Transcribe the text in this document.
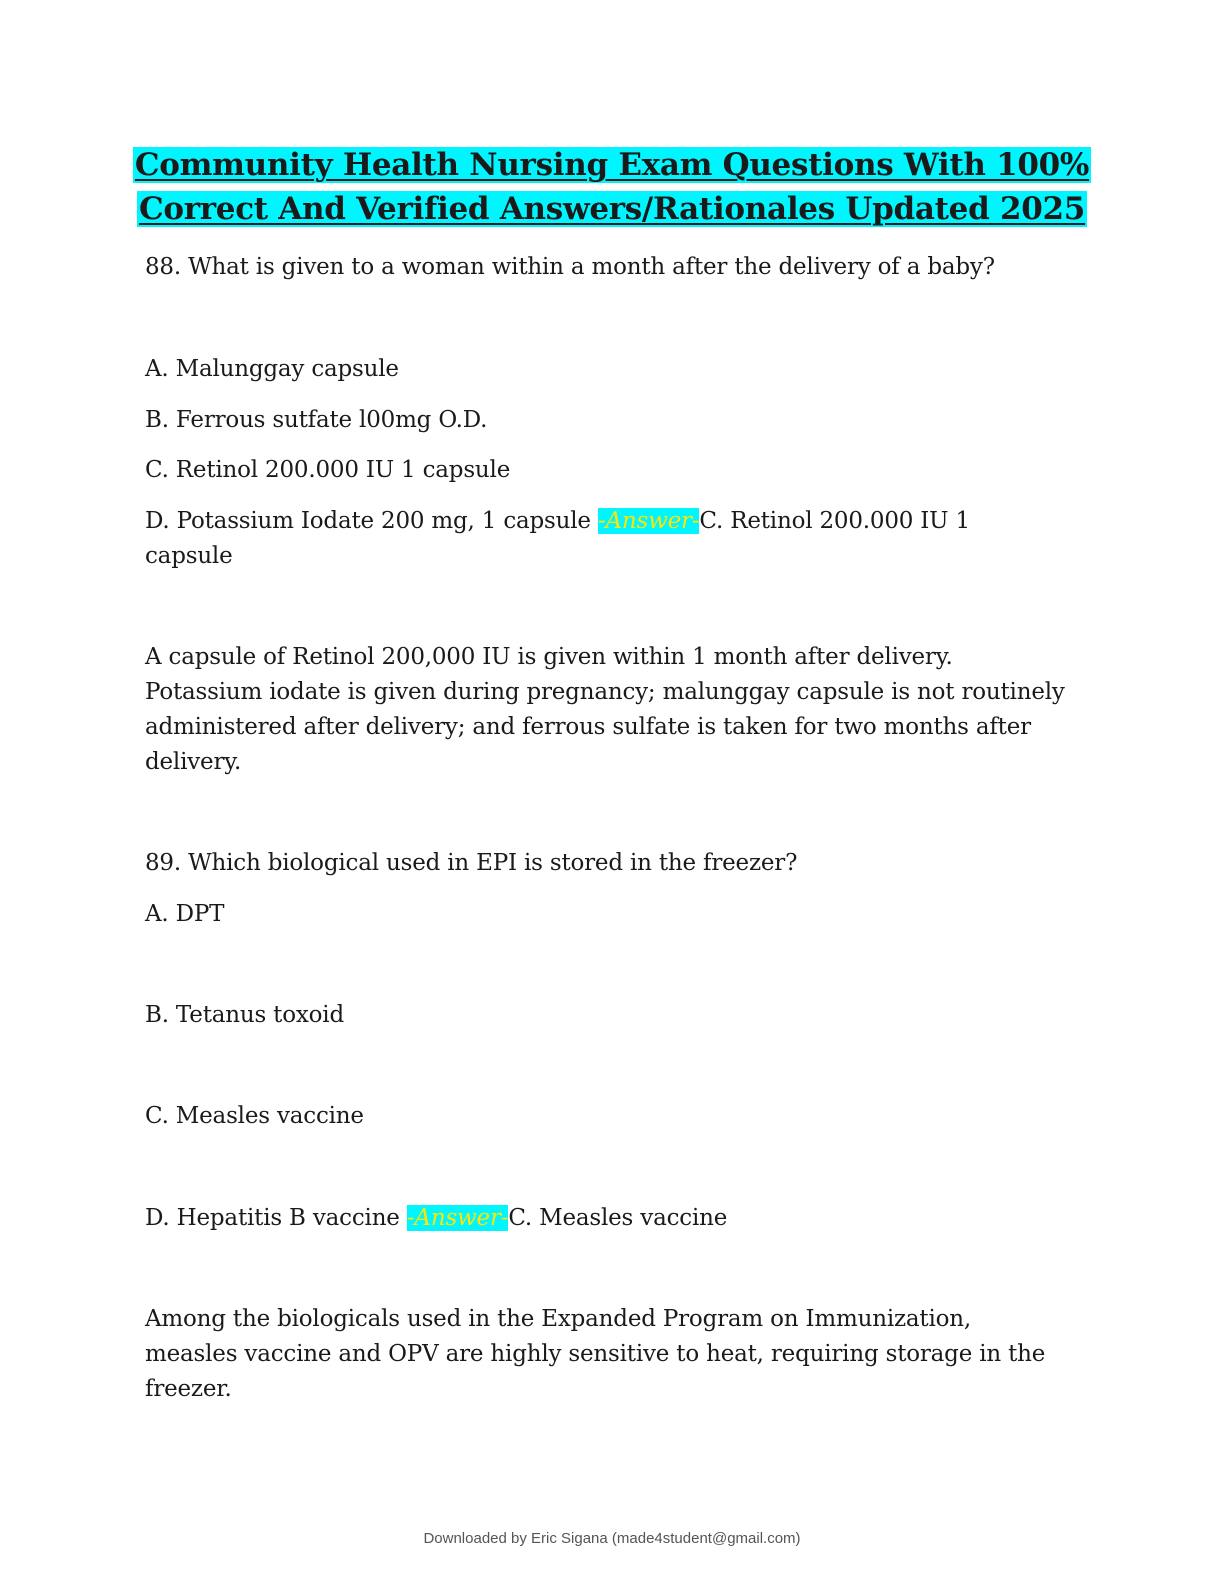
Community Health Nursing Exam Questions With 100%
Correct And Verified Answers/Rationales Updated 2025
88. What is given to a woman within a month after the delivery of a baby?
A. Malunggay capsule
B. Ferrous sutfate l00mg O.D.
C. Retinol 200.000 IU 1 capsule
D. Potassium Iodate 200 mg, 1 capsule -Answer-C. Retinol 200.000 IU 1
capsule
A capsule of Retinol 200,000 IU is given within 1 month after delivery. Potassium iodate is given during pregnancy; malunggay capsule is not routinely administered after delivery; and ferrous sulfate is taken for two months after delivery.
89. Which biological used in EPI is stored in the freezer?
A. DPT
B. Tetanus toxoid
C. Measles vaccine
D. Hepatitis B vaccine -Answer-C. Measles vaccine
Among the biologicals used in the Expanded Program on Immunization, measles vaccine and OPV are highly sensitive to heat, requiring storage in the freezer.
Downloaded by Eric Sigana (made4student@gmail.com)
